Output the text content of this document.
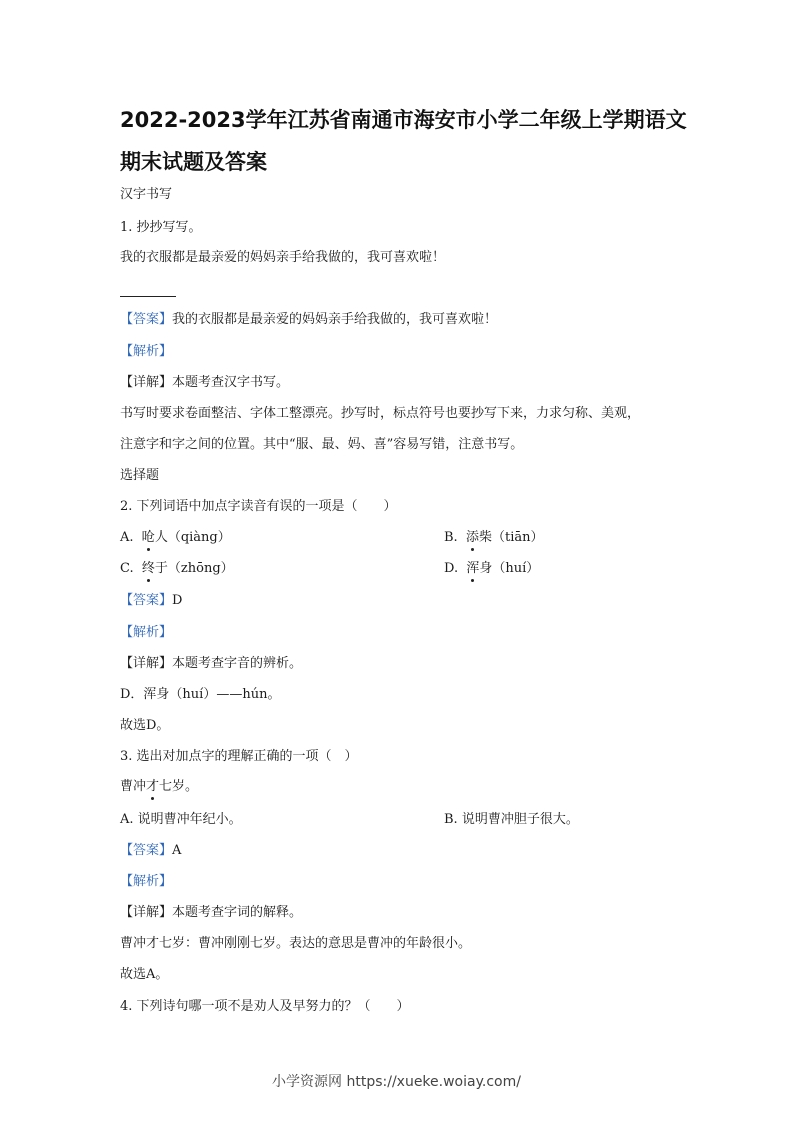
2022-2023学年江苏省南通市海安市小学二年级上学期语文
期末试题及答案
汉字书写
1. 抄抄写写。
我的衣服都是最亲爱的妈妈亲手给我做的，我可喜欢啦！
【答案】我的衣服都是最亲爱的妈妈亲手给我做的，我可喜欢啦！
【解析】
【详解】本题考查汉字书写。
书写时要求卷面整洁、字体工整漂亮。抄写时，标点符号也要抄写下来，力求匀称、美观，
注意字和字之间的位置。其中“服、最、妈、喜”容易写错，注意书写。
选择题
2. 下列词语中加点字读音有误的一项是（　　）
A. 呛人（qiàng）	B. 添柴（tiān）
C. 终于（zhōng）	D. 浑身（huí）
【答案】D
【解析】
【详解】本题考查字音的辨析。
D．浑身（huí）——hún。
故选D。
3. 选出对加点字的理解正确的一项（　）
曹冲才七岁。
A. 说明曹冲年纪小。	B. 说明曹冲胆子很大。
【答案】A
【解析】
【详解】本题考查字词的解释。
曹冲才七岁：曹冲刚刚七岁。表达的意思是曹冲的年龄很小。
故选A。
4. 下列诗句哪一项不是劝人及早努力的？（　　）
小学资源网 https://xueke.woiay.com/
